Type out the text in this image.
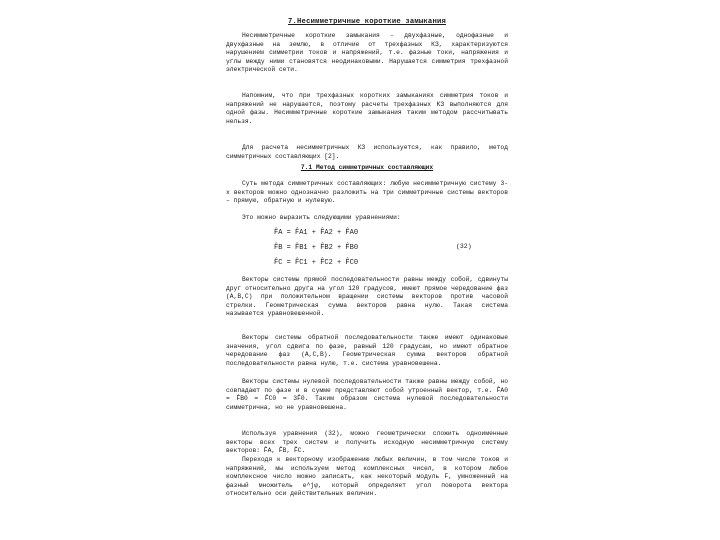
7.Несимметричные короткие замыкания

Несимметричные короткие замыкания – двухфазные, однофазные и двухфазные на землю, в отличие от трехфазных КЗ, характеризуются нарушением симметрии токов и напряжений, т.е. фазные токи, напряжения и углы между ними становятся неодинаковыми. Нарушается симметрия трехфазной электрической сети.

Напомним, что при трехфазных коротких замыканиях симметрия токов и напряжений не нарушается, поэтому расчеты трехфазных КЗ выполняются для одной фазы. Несимметричные короткие замыкания таким методом рассчитывать нельзя.

Для расчета несимметричных КЗ используется, как правило, метод симметричных составляющих [2].

7.1 Метод симметричных составляющих

Суть метода симметричных составляющих: любую несимметричную систему 3-х векторов можно однозначно разложить на три симметричные системы векторов – прямую, обратную и нулевую.

Это можно выразить следующими уравнениями:

F̂A = F̂A1 + F̂A2 + F̂A0
F̂B = F̂B1 + F̂B2 + F̂B0
F̂C = F̂C1 + F̂C2 + F̂C0
(32)

Векторы системы прямой последовательности равны между собой, сдвинуты друг относительно друга на угол 120 градусов, имеют прямое чередование фаз (А,В,С) при положительном вращении системы векторов против часовой стрелки. Геометрическая сумма векторов равна нулю. Такая система называется уравновешенной.

Векторы системы обратной последовательности также имеют одинаковые значения, угол сдвига по фазе, равный 120 градусам, но имеют обратное чередование фаз (А,С,В). Геометрическая сумма векторов обратной последовательности равна нулю, т.е. система уравновешена.

Векторы системы нулевой последовательности также равны между собой, но совпадают по фазе и в сумме представляют собой утроенный вектор, т.е. F̂A0 = F̂B0 = F̂C0 = 3F̂0. Таким образом система нулевой последовательности симметрична, но не уравновешена.

Используя уравнения (32), можно геометрически сложить одноименные векторы всех трех систем и получить исходную несимметричную систему векторов: F̂A, F̂B, F̂C.

Переходя к векторному изображению любых величин, в том числе токов и напряжений, мы используем метод комплексных чисел, в котором любое комплексное число можно записать, как некоторый модуль F, умноженный на фазный множитель e^jφ, который определяет угол поворота вектора относительно оси действительных величин.
